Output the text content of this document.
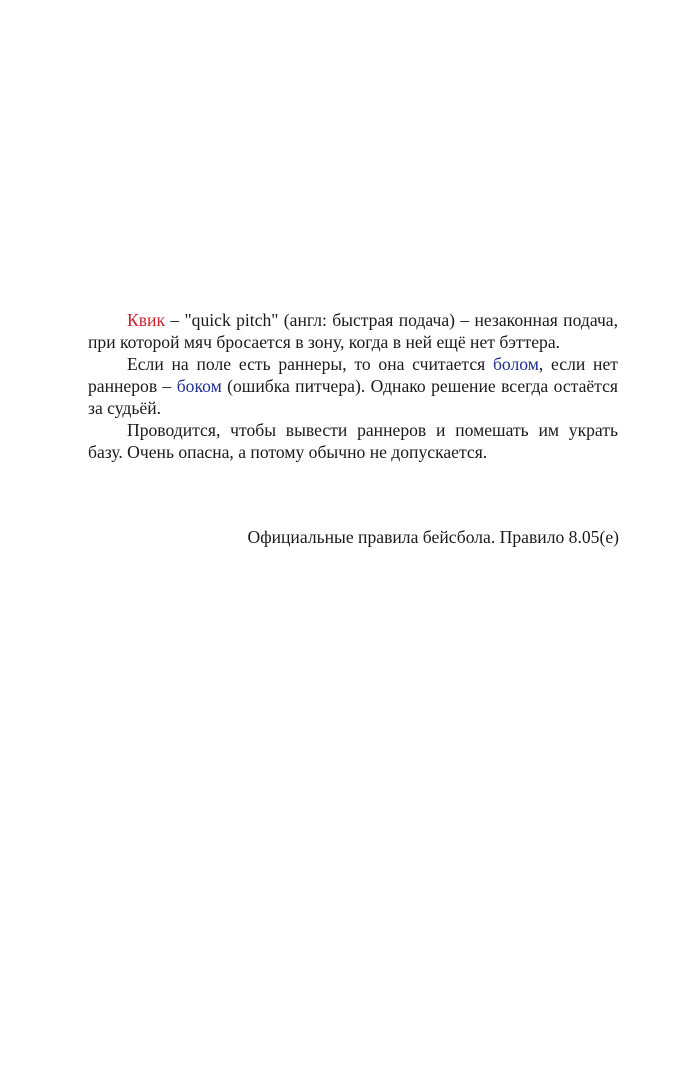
Квик – "quick pitch" (англ: быстрая подача) – незаконная подача, при которой мяч бросается в зону, когда в ней ещё нет бэттера.

Если на поле есть раннеры, то она считается болом, если нет раннеров – боком (ошибка питчера). Однако решение всегда остаётся за судьёй.

Проводится, чтобы вывести раннеров и помешать им украть базу. Очень опасна, а потому обычно не допускается.

Официальные правила бейсбола. Правило 8.05(e)
